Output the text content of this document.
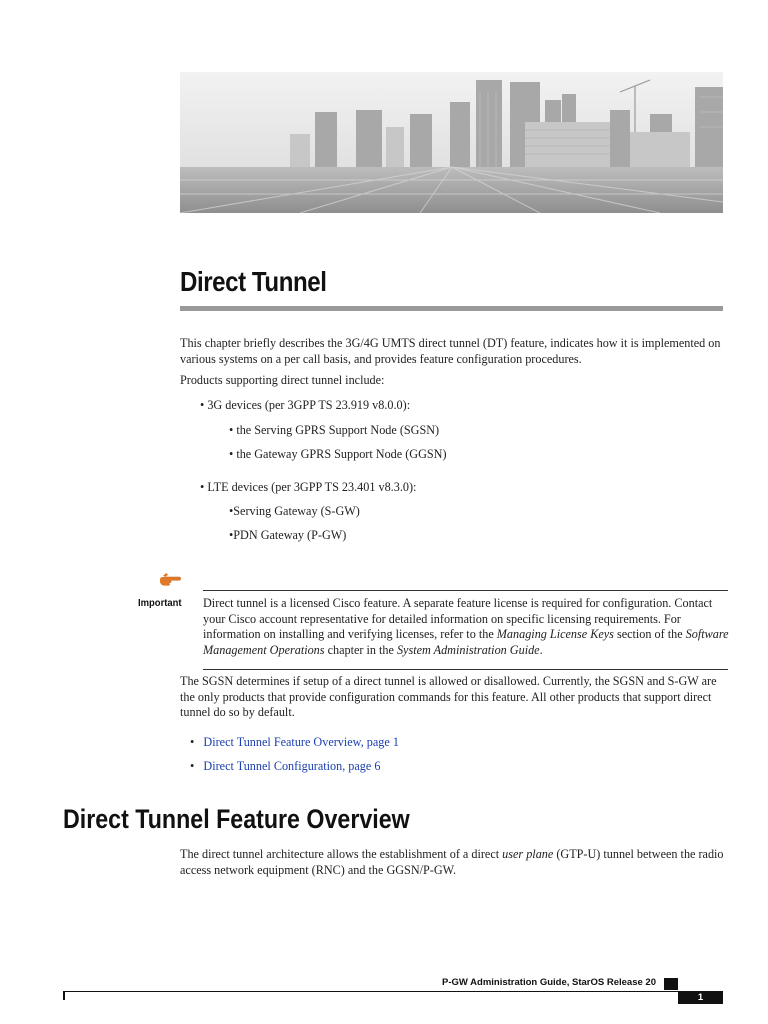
Direct Tunnel
This chapter briefly describes the 3G/4G UMTS direct tunnel (DT) feature, indicates how it is implemented on various systems on a per call basis, and provides feature configuration procedures.
Products supporting direct tunnel include:
• 3G devices (per 3GPP TS 23.919 v8.0.0):
• the Serving GPRS Support Node (SGSN)
• the Gateway GPRS Support Node (GGSN)
• LTE devices (per 3GPP TS 23.401 v8.3.0):
•Serving Gateway (S-GW)
•PDN Gateway (P-GW)
Important Direct tunnel is a licensed Cisco feature. A separate feature license is required for configuration. Contact your Cisco account representative for detailed information on specific licensing requirements. For information on installing and verifying licenses, refer to the Managing License Keys section of the Software Management Operations chapter in the System Administration Guide.
The SGSN determines if setup of a direct tunnel is allowed or disallowed. Currently, the SGSN and S-GW are the only products that provide configuration commands for this feature. All other products that support direct tunnel do so by default.
•   Direct Tunnel Feature Overview, page 1
•   Direct Tunnel Configuration, page 6
Direct Tunnel Feature Overview
The direct tunnel architecture allows the establishment of a direct user plane (GTP-U) tunnel between the radio access network equipment (RNC) and the GGSN/P-GW.
P-GW Administration Guide, StarOS Release 20
1
